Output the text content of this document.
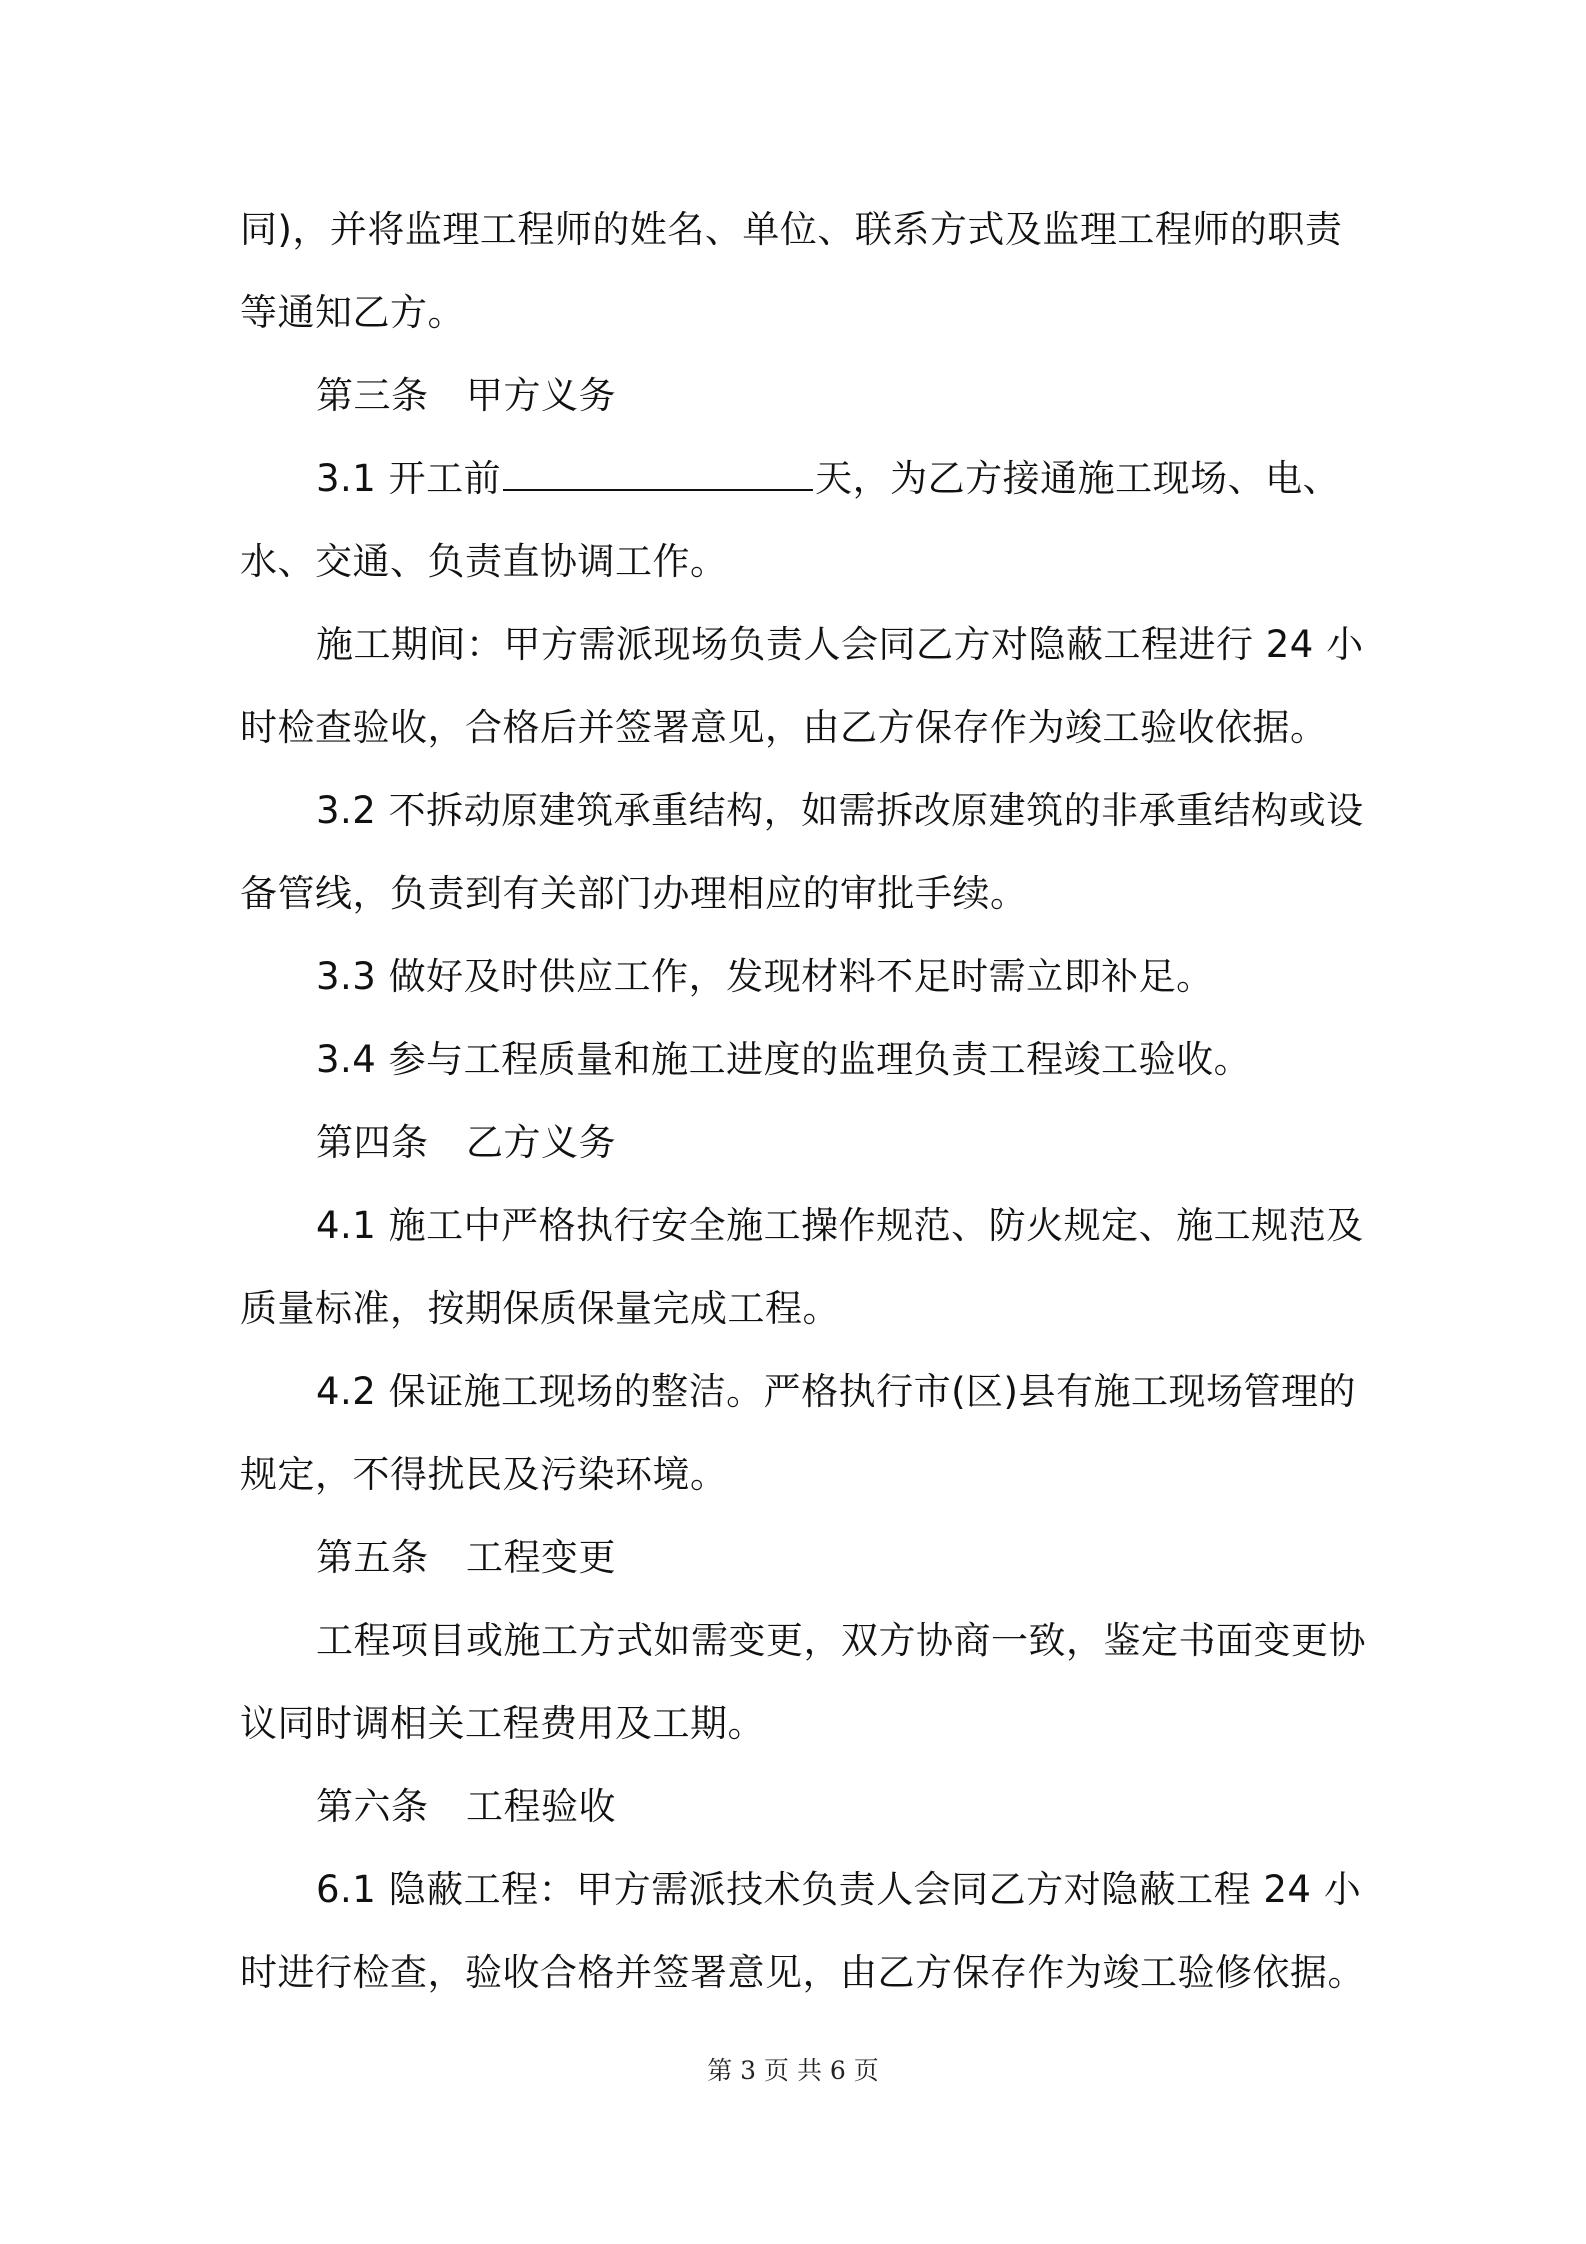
同)，并将监理工程师的姓名、单位、联系方式及监理工程师的职责
等通知乙方。
第三条　甲方义务
3.1 开工前	天，为乙方接通施工现场、电、
水、交通、负责直协调工作。
施工期间：甲方需派现场负责人会同乙方对隐蔽工程进行 24 小
时检查验收，合格后并签署意见，由乙方保存作为竣工验收依据。
3.2 不拆动原建筑承重结构，如需拆改原建筑的非承重结构或设
备管线，负责到有关部门办理相应的审批手续。
3.3 做好及时供应工作，发现材料不足时需立即补足。
3.4 参与工程质量和施工进度的监理负责工程竣工验收。
第四条　乙方义务
4.1 施工中严格执行安全施工操作规范、防火规定、施工规范及
质量标准，按期保质保量完成工程。
4.2 保证施工现场的整洁。严格执行市(区)县有施工现场管理的
规定，不得扰民及污染环境。
第五条　工程变更
工程项目或施工方式如需变更，双方协商一致，鉴定书面变更协
议同时调相关工程费用及工期。
第六条　工程验收
6.1 隐蔽工程：甲方需派技术负责人会同乙方对隐蔽工程 24 小
时进行检查，验收合格并签署意见，由乙方保存作为竣工验修依据。
第 3 页 共 6 页
